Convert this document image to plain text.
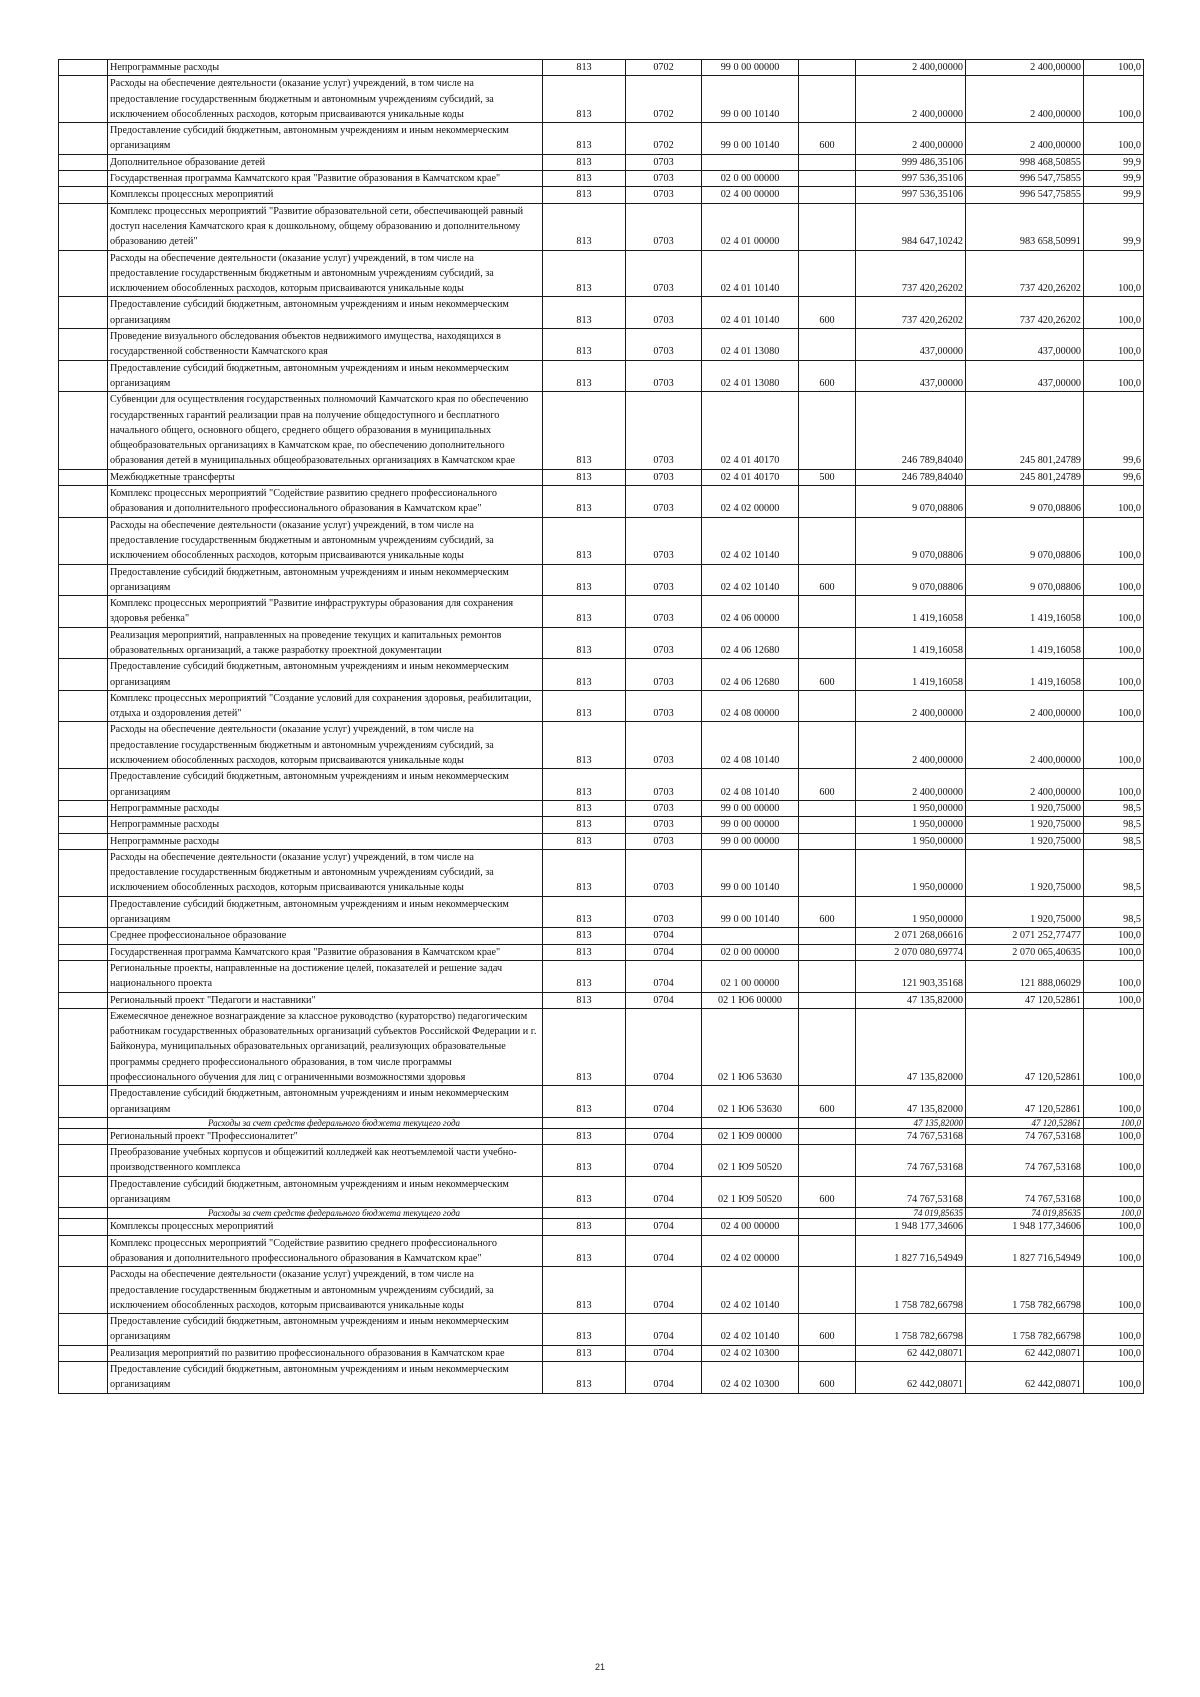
	Непрограммные расходы	813	0702	99 0 00 00000		2 400,00000	2 400,00000	100,0
	Расходы на обеспечение деятельности (оказание услуг) учреждений, в том числе на предоставление государственным бюджетным и автономным учреждениям субсидий, за исключением обособленных расходов, которым присваиваются уникальные коды	813	0702	99 0 00 10140		2 400,00000	2 400,00000	100,0
	Предоставление субсидий бюджетным, автономным учреждениям и иным некоммерческим организациям	813	0702	99 0 00 10140	600	2 400,00000	2 400,00000	100,0
	Дополнительное образование детей	813	0703			999 486,35106	998 468,50855	99,9
	Государственная программа Камчатского края "Развитие образования в Камчатском крае"	813	0703	02 0 00 00000		997 536,35106	996 547,75855	99,9
	Комплексы процессных мероприятий	813	0703	02 4 00 00000		997 536,35106	996 547,75855	99,9
	Комплекс процессных мероприятий "Развитие образовательной сети, обеспечивающей равный доступ населения Камчатского края к дошкольному, общему образованию и дополнительному образованию детей"	813	0703	02 4 01 00000		984 647,10242	983 658,50991	99,9
	Расходы на обеспечение деятельности (оказание услуг) учреждений, в том числе на предоставление государственным бюджетным и автономным учреждениям субсидий, за исключением обособленных расходов, которым присваиваются уникальные коды	813	0703	02 4 01 10140		737 420,26202	737 420,26202	100,0
	Предоставление субсидий бюджетным, автономным учреждениям и иным некоммерческим организациям	813	0703	02 4 01 10140	600	737 420,26202	737 420,26202	100,0
	Проведение визуального обследования объектов недвижимого имущества, находящихся в государственной собственности Камчатского края	813	0703	02 4 01 13080		437,00000	437,00000	100,0
	Предоставление субсидий бюджетным, автономным учреждениям и иным некоммерческим организациям	813	0703	02 4 01 13080	600	437,00000	437,00000	100,0
	Субвенции для осуществления государственных полномочий Камчатского края по обеспечению государственных гарантий реализации прав на получение общедоступного и бесплатного начального общего, основного общего, среднего общего образования в муниципальных общеобразовательных организациях в Камчатском крае, по обеспечению дополнительного образования детей в муниципальных общеобразовательных организациях в Камчатском крае	813	0703	02 4 01 40170		246 789,84040	245 801,24789	99,6
	Межбюджетные трансферты	813	0703	02 4 01 40170	500	246 789,84040	245 801,24789	99,6
	Комплекс процессных мероприятий "Содействие развитию среднего профессионального образования и дополнительного профессионального образования в Камчатском крае"	813	0703	02 4 02 00000		9 070,08806	9 070,08806	100,0
	Расходы на обеспечение деятельности (оказание услуг) учреждений, в том числе на предоставление государственным бюджетным и автономным учреждениям субсидий, за исключением обособленных расходов, которым присваиваются уникальные коды	813	0703	02 4 02 10140		9 070,08806	9 070,08806	100,0
	Предоставление субсидий бюджетным, автономным учреждениям и иным некоммерческим организациям	813	0703	02 4 02 10140	600	9 070,08806	9 070,08806	100,0
	Комплекс процессных мероприятий "Развитие инфраструктуры образования для сохранения здоровья ребенка"	813	0703	02 4 06 00000		1 419,16058	1 419,16058	100,0
	Реализация мероприятий, направленных на проведение текущих и капитальных ремонтов образовательных организаций, а также разработку проектной документации	813	0703	02 4 06 12680		1 419,16058	1 419,16058	100,0
	Предоставление субсидий бюджетным, автономным учреждениям и иным некоммерческим организациям	813	0703	02 4 06 12680	600	1 419,16058	1 419,16058	100,0
	Комплекс процессных мероприятий "Создание условий для сохранения здоровья, реабилитации, отдыха и оздоровления детей"	813	0703	02 4 08 00000		2 400,00000	2 400,00000	100,0
	Расходы на обеспечение деятельности (оказание услуг) учреждений, в том числе на предоставление государственным бюджетным и автономным учреждениям субсидий, за исключением обособленных расходов, которым присваиваются уникальные коды	813	0703	02 4 08 10140		2 400,00000	2 400,00000	100,0
	Предоставление субсидий бюджетным, автономным учреждениям и иным некоммерческим организациям	813	0703	02 4 08 10140	600	2 400,00000	2 400,00000	100,0
	Непрограммные расходы	813	0703	99 0 00 00000		1 950,00000	1 920,75000	98,5
	Непрограммные расходы	813	0703	99 0 00 00000		1 950,00000	1 920,75000	98,5
	Непрограммные расходы	813	0703	99 0 00 00000		1 950,00000	1 920,75000	98,5
	Расходы на обеспечение деятельности (оказание услуг) учреждений, в том числе на предоставление государственным бюджетным и автономным учреждениям субсидий, за исключением обособленных расходов, которым присваиваются уникальные коды	813	0703	99 0 00 10140		1 950,00000	1 920,75000	98,5
	Предоставление субсидий бюджетным, автономным учреждениям и иным некоммерческим организациям	813	0703	99 0 00 10140	600	1 950,00000	1 920,75000	98,5
	Среднее профессиональное образование	813	0704			2 071 268,06616	2 071 252,77477	100,0
	Государственная программа Камчатского края "Развитие образования в Камчатском крае"	813	0704	02 0 00 00000		2 070 080,69774	2 070 065,40635	100,0
	Региональные проекты, направленные на достижение целей, показателей и решение задач национального проекта	813	0704	02 1 00 00000		121 903,35168	121 888,06029	100,0
	Региональный проект "Педагоги и наставники"	813	0704	02 1 Ю6 00000		47 135,82000	47 120,52861	100,0
	Ежемесячное денежное вознаграждение за классное руководство (кураторство) педагогическим работникам государственных образовательных организаций субъектов Российской Федерации и г. Байконура, муниципальных образовательных организаций, реализующих образовательные программы среднего профессионального образования, в том числе программы профессионального обучения для лиц с ограниченными возможностями здоровья	813	0704	02 1 Ю6 53630		47 135,82000	47 120,52861	100,0
	Предоставление субсидий бюджетным, автономным учреждениям и иным некоммерческим организациям	813	0704	02 1 Ю6 53630	600	47 135,82000	47 120,52861	100,0
	Расходы за счет средств федерального бюджета текущего года					47 135,82000	47 120,52861	100,0
	Региональный проект "Профессионалитет"	813	0704	02 1 Ю9 00000		74 767,53168	74 767,53168	100,0
	Преобразование учебных корпусов и общежитий колледжей как неотъемлемой части учебно-производственного комплекса	813	0704	02 1 Ю9 50520		74 767,53168	74 767,53168	100,0
	Предоставление субсидий бюджетным, автономным учреждениям и иным некоммерческим организациям	813	0704	02 1 Ю9 50520	600	74 767,53168	74 767,53168	100,0
	Расходы за счет средств федерального бюджета текущего года					74 019,85635	74 019,85635	100,0
	Комплексы процессных мероприятий	813	0704	02 4 00 00000		1 948 177,34606	1 948 177,34606	100,0
	Комплекс процессных мероприятий "Содействие развитию среднего профессионального образования и дополнительного профессионального образования в Камчатском крае"	813	0704	02 4 02 00000		1 827 716,54949	1 827 716,54949	100,0
	Расходы на обеспечение деятельности (оказание услуг) учреждений, в том числе на предоставление государственным бюджетным и автономным учреждениям субсидий, за исключением обособленных расходов, которым присваиваются уникальные коды	813	0704	02 4 02 10140		1 758 782,66798	1 758 782,66798	100,0
	Предоставление субсидий бюджетным, автономным учреждениям и иным некоммерческим организациям	813	0704	02 4 02 10140	600	1 758 782,66798	1 758 782,66798	100,0
	Реализация мероприятий по развитию профессионального образования в Камчатском крае	813	0704	02 4 02 10300		62 442,08071	62 442,08071	100,0
	Предоставление субсидий бюджетным, автономным учреждениям и иным некоммерческим организациям	813	0704	02 4 02 10300	600	62 442,08071	62 442,08071	100,0
21
